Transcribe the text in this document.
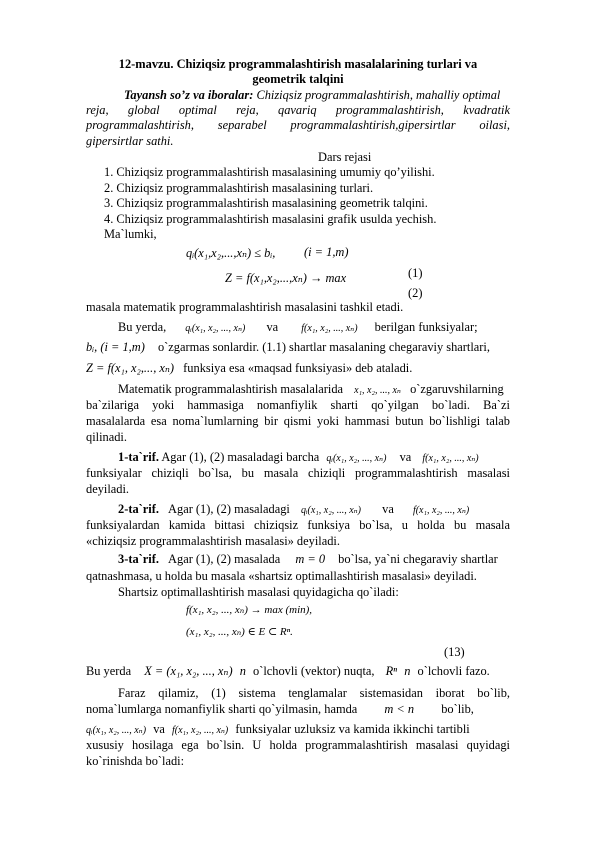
12-mavzu. Chiziqsiz programmalashtirish masalalarining turlari va
geometrik talqini
Tayansh so’z va iboralar: Chiziqsiz programmalashtirish, mahalliy optimal
reja, global optimal reja, qavariq programmalashtirish, kvadratik
programmalashtirish, separabel programmalashtirish,gipersirtlar oilasi,
gipersirtlar sathi.
Dars rejasi
1. Chiziqsiz programmalashtirish masalasining umumiy qo’yilishi.
2. Chiziqsiz programmalashtirish masalasining turlari.
3. Chiziqsiz programmalashtirish masalasining geometrik talqini.
4. Chiziqsiz programmalashtirish masalasini grafik usulda yechish.
Ma`lumki,
qᵢ(x₁,x₂,...,xₙ) ≤ bᵢ, (i = 1,m)
(1)
Z = f(x₁,x₂,...,xₙ) → max
(2)
masala matematik programmalashtirish masalasini tashkil etadi.
Bu yerda, qᵢ(x₁, x₂, ..., xₙ) va f(x₁, x₂, ..., xₙ) berilgan funksiyalar;
bᵢ, (i = 1,m) o`zgarmas sonlardir. (1.1) shartlar masalaning chegaraviy shartlari,
Z = f(x₁, x₂,..., xₙ) funksiya esa «maqsad funksiyasi» deb ataladi.
Matematik programmalashtirish masalalarida x₁, x₂, ..., xₙ o`zgaruvshilarning
ba`zilariga yoki hammasiga nomanfiylik sharti qo`yilgan bo`ladi. Ba`zi
masalalarda esa noma`lumlarning bir qismi yoki hammasi butun bo`lishligi talab
qilinadi.
1-ta`rif. Agar (1), (2) masaladagi barcha qᵢ(x₁, x₂, ..., xₙ) va f(x₁, x₂, ..., xₙ)
funksiyalar chiziqli bo`lsa, bu masala chiziqli programmalashtirish masalasi
deyiladi.
2-ta`rif. Agar (1), (2) masaladagi qᵢ(x₁, x₂, ..., xₙ) va f(x₁, x₂, ..., xₙ)
funksiyalardan kamida bittasi chiziqsiz funksiya bo`lsa, u holda bu masala
«chiziqsiz programmalashtirish masalasi» deyiladi.
3-ta`rif. Agar (1), (2) masalada m = 0 bo`lsa, ya`ni chegaraviy shartlar
qatnashmasa, u holda bu masala «shartsiz optimallashtirish masalasi» deyiladi.
Shartsiz optimallashtirish masalasi quyidagicha qo`iladi:
f(x₁, x₂, ..., xₙ) → max (min),
(x₁, x₂, ..., xₙ) ∈ E ⊂ Rⁿ.
(13)
Bu yerda X = (x₁, x₂, ..., xₙ) n o`lchovli (vektor) nuqta, Rⁿ n o`lchovli fazo.
Faraz qilamiz, (1) sistema tenglamalar sistemasidan iborat bo`lib,
noma`lumlarga nomanfiylik sharti qo`yilmasin, hamda m < n bo`lib,
qᵢ(x₁, x₂, ..., xₙ) va f(x₁, x₂, ..., xₙ) funksiyalar uzluksiz va kamida ikkinchi tartibli
xususiy hosilaga ega bo`lsin. U holda programmalashtirish masalasi quyidagi
ko`rinishda bo`ladi:
